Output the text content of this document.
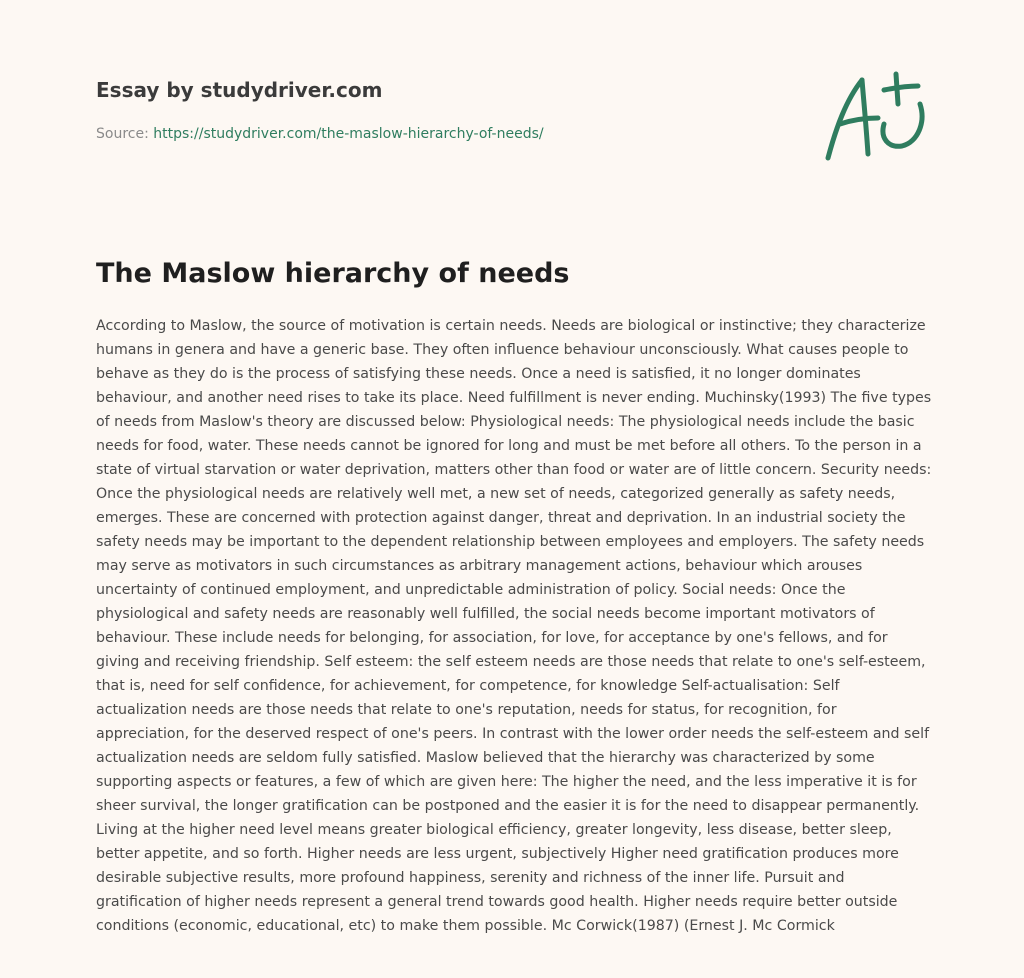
Essay by studydriver.com

Source: https://studydriver.com/the-maslow-hierarchy-of-needs/
The Maslow hierarchy of needs

According to Maslow, the source of motivation is certain needs. Needs are biological or instinctive; they characterize humans in genera and have a generic base. They often influence behaviour unconsciously. What causes people to behave as they do is the process of satisfying these needs. Once a need is satisfied, it no longer dominates behaviour, and another need rises to take its place. Need fulfillment is never ending. Muchinsky(1993) The five types of needs from Maslow's theory are discussed below: Physiological needs: The physiological needs include the basic needs for food, water. These needs cannot be ignored for long and must be met before all others. To the person in a state of virtual starvation or water deprivation, matters other than food or water are of little concern. Security needs: Once the physiological needs are relatively well met, a new set of needs, categorized generally as safety needs, emerges. These are concerned with protection against danger, threat and deprivation. In an industrial society the safety needs may be important to the dependent relationship between employees and employers. The safety needs may serve as motivators in such circumstances as arbitrary management actions, behaviour which arouses uncertainty of continued employment, and unpredictable administration of policy. Social needs: Once the physiological and safety needs are reasonably well fulfilled, the social needs become important motivators of behaviour. These include needs for belonging, for association, for love, for acceptance by one's fellows, and for giving and receiving friendship. Self esteem: the self esteem needs are those needs that relate to one's self-esteem, that is, need for self confidence, for achievement, for competence, for knowledge Self-actualisation: Self actualization needs are those needs that relate to one's reputation, needs for status, for recognition, for appreciation, for the deserved respect of one's peers. In contrast with the lower order needs the self-esteem and self actualization needs are seldom fully satisfied. Maslow believed that the hierarchy was characterized by some supporting aspects or features, a few of which are given here: The higher the need, and the less imperative it is for sheer survival, the longer gratification can be postponed and the easier it is for the need to disappear permanently. Living at the higher need level means greater biological efficiency, greater longevity, less disease, better sleep, better appetite, and so forth. Higher needs are less urgent, subjectively Higher need gratification produces more desirable subjective results, more profound happiness, serenity and richness of the inner life. Pursuit and gratification of higher needs represent a general trend towards good health. Higher needs require better outside conditions (economic, educational, etc) to make them possible. Mc Corwick(1987) (Ernest J. Mc Cormick
